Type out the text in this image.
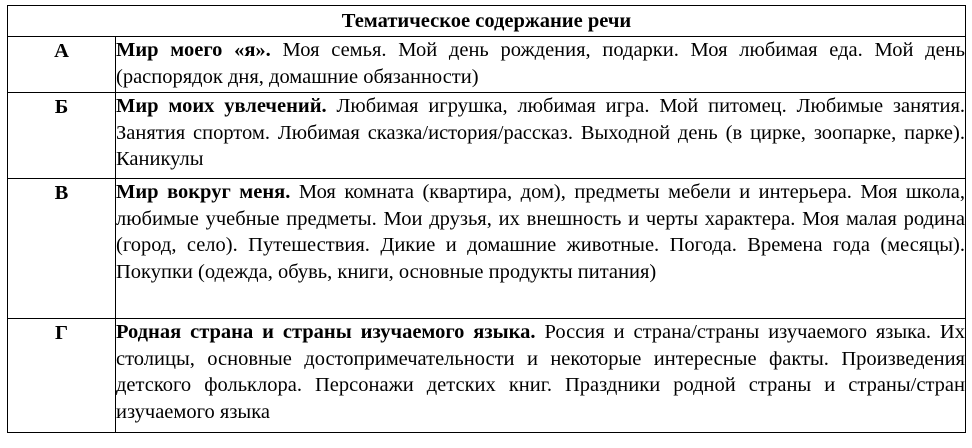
Тематическое содержание речи	
А	Мир моего «я». Моя семья. Мой день рождения, подарки. Моя любимая еда. Мой день (распорядок дня, домашние обязанности)
Б	Мир моих увлечений. Любимая игрушка, любимая игра. Мой питомец. Любимые занятия. Занятия спортом. Любимая сказка/история/рассказ. Выходной день (в цирке, зоопарке, парке). Каникулы
В	Мир вокруг меня. Моя комната (квартира, дом), предметы мебели и интерьера. Моя школа, любимые учебные предметы. Мои друзья, их внешность и черты характера. Моя малая родина (город, село). Путешествия. Дикие и домашние животные. Погода. Времена года (месяцы). Покупки (одежда, обувь, книги, основные продукты питания)
Г	Родная страна и страны изучаемого языка. Россия и страна/страны изучаемого языка. Их столицы, основные достопримечательности и некоторые интересные факты. Произведения детского фольклора. Персонажи детских книг. Праздники родной страны и страны/стран изучаемого языка
